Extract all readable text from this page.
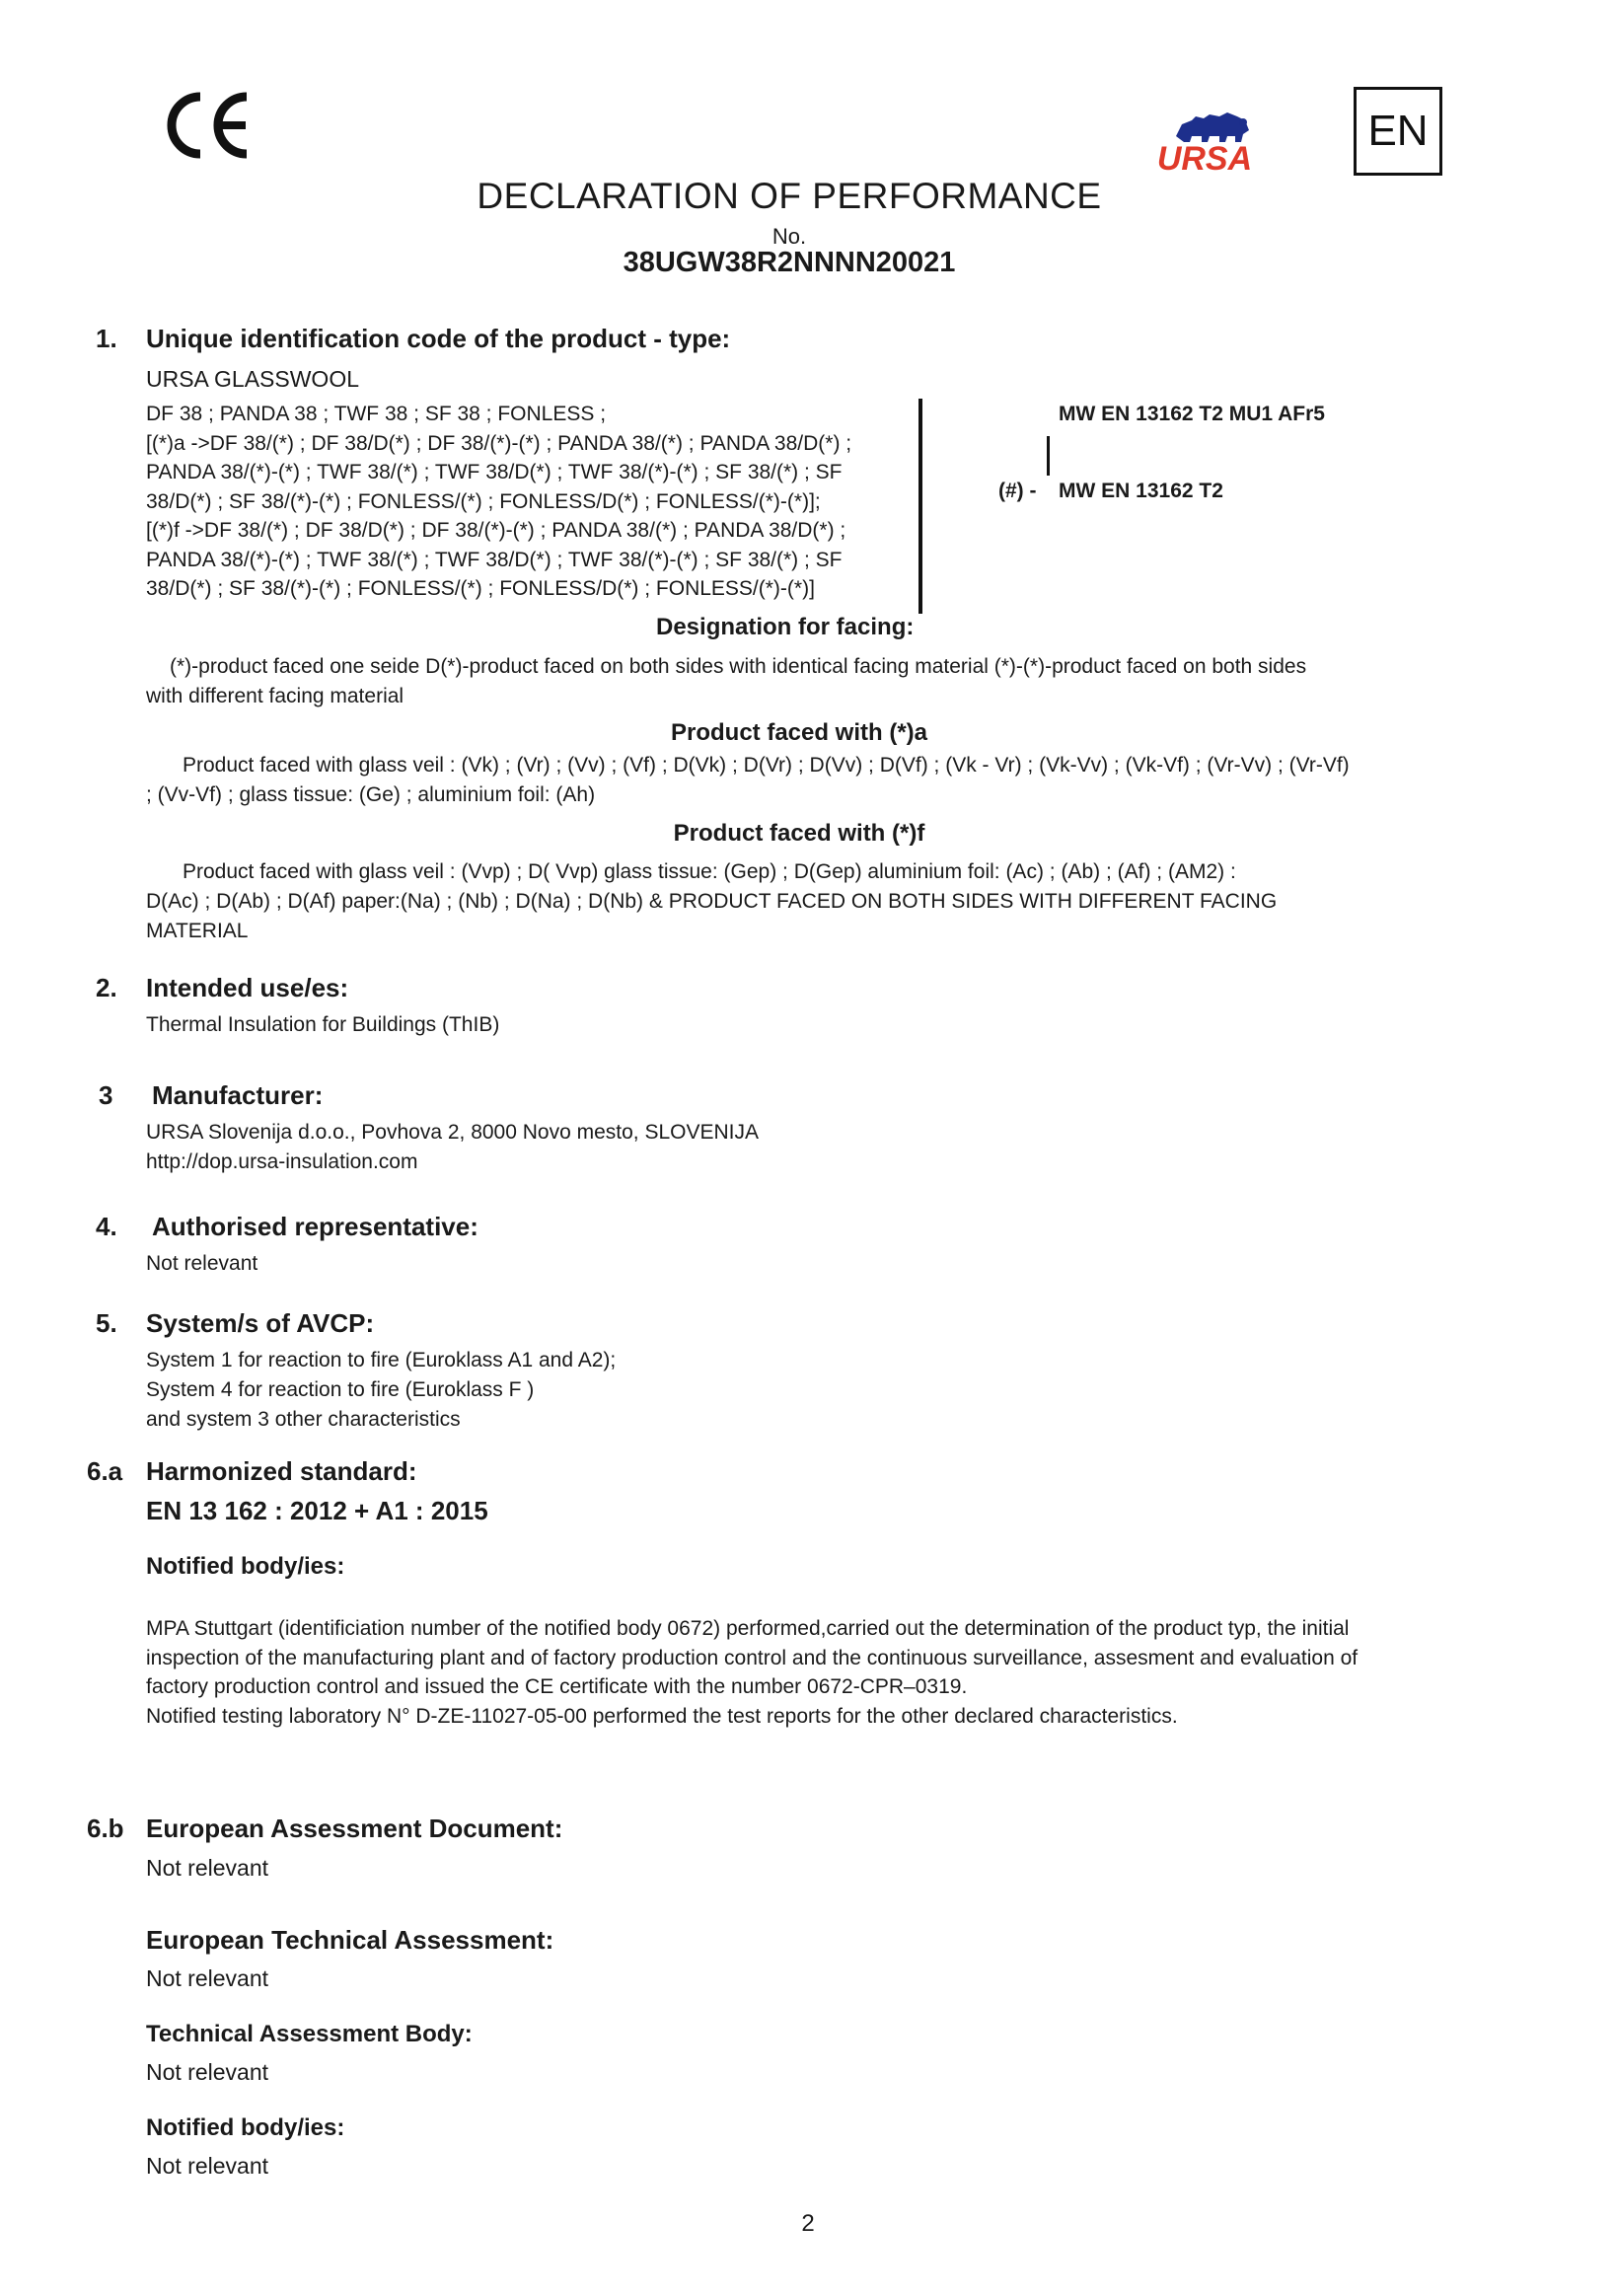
URSA
EN
DECLARATION OF PERFORMANCE
No.
38UGW38R2NNNN20021
1. Unique identification code of the product - type:
URSA GLASSWOOL
DF 38 ; PANDA 38 ; TWF 38 ; SF 38 ; FONLESS ;
[(*)a ->DF 38/(*) ; DF 38/D(*) ; DF 38/(*)-(*) ; PANDA 38/(*) ; PANDA 38/D(*) ;
PANDA 38/(*)-(*) ; TWF 38/(*) ; TWF 38/D(*) ; TWF 38/(*)-(*) ; SF 38/(*) ; SF
38/D(*) ; SF 38/(*)-(*) ; FONLESS/(*) ; FONLESS/D(*) ; FONLESS/(*)-(*)];
[(*)f ->DF 38/(*) ; DF 38/D(*) ; DF 38/(*)-(*) ; PANDA 38/(*) ; PANDA 38/D(*) ;
PANDA 38/(*)-(*) ; TWF 38/(*) ; TWF 38/D(*) ; TWF 38/(*)-(*) ; SF 38/(*) ; SF
38/D(*) ; SF 38/(*)-(*) ; FONLESS/(*) ; FONLESS/D(*) ; FONLESS/(*)-(*)]
MW EN 13162 T2 MU1 AFr5
(#) - MW EN 13162 T2
Designation for facing:
(*)-product faced one seide D(*)-product faced on both sides with identical facing material (*)-(*)-product faced on both sides
with different facing material
Product faced with (*)a
Product faced with glass veil : (Vk) ; (Vr) ; (Vv) ; (Vf) ; D(Vk) ; D(Vr) ; D(Vv) ; D(Vf) ; (Vk - Vr) ; (Vk-Vv) ; (Vk-Vf) ; (Vr-Vv) ; (Vr-Vf)
; (Vv-Vf) ; glass tissue: (Ge) ; aluminium foil: (Ah)
Product faced with (*)f
Product faced with glass veil : (Vvp) ; D( Vvp) glass tissue: (Gep) ; D(Gep) aluminium foil: (Ac) ; (Ab) ; (Af) ; (AM2) :
D(Ac) ; D(Ab) ; D(Af) paper:(Na) ; (Nb) ; D(Na) ; D(Nb) & PRODUCT FACED ON BOTH SIDES WITH DIFFERENT FACING
MATERIAL
2. Intended use/es:
Thermal Insulation for Buildings (ThIB)
3 Manufacturer:
URSA Slovenija d.o.o., Povhova 2, 8000 Novo mesto, SLOVENIJA
http://dop.ursa-insulation.com
4. Authorised representative:
Not relevant
5. System/s of AVCP:
System 1 for reaction to fire (Euroklass A1 and A2);
System 4 for reaction to fire (Euroklass F )
and system 3 other characteristics
6.a Harmonized standard:
EN 13 162 : 2012 + A1 : 2015
Notified body/ies:
MPA Stuttgart (identificiation number of the notified body 0672) performed,carried out the determination of the product typ, the initial
inspection of the manufacturing plant and of factory production control and the continuous surveillance, assesment and evaluation of
factory production control and issued the CE certificate with the number 0672-CPR–0319.
Notified testing laboratory N° D-ZE-11027-05-00 performed the test reports for the other declared characteristics.
6.b European Assessment Document:
Not relevant
European Technical Assessment:
Not relevant
Technical Assessment Body:
Not relevant
Notified body/ies:
Not relevant
2
